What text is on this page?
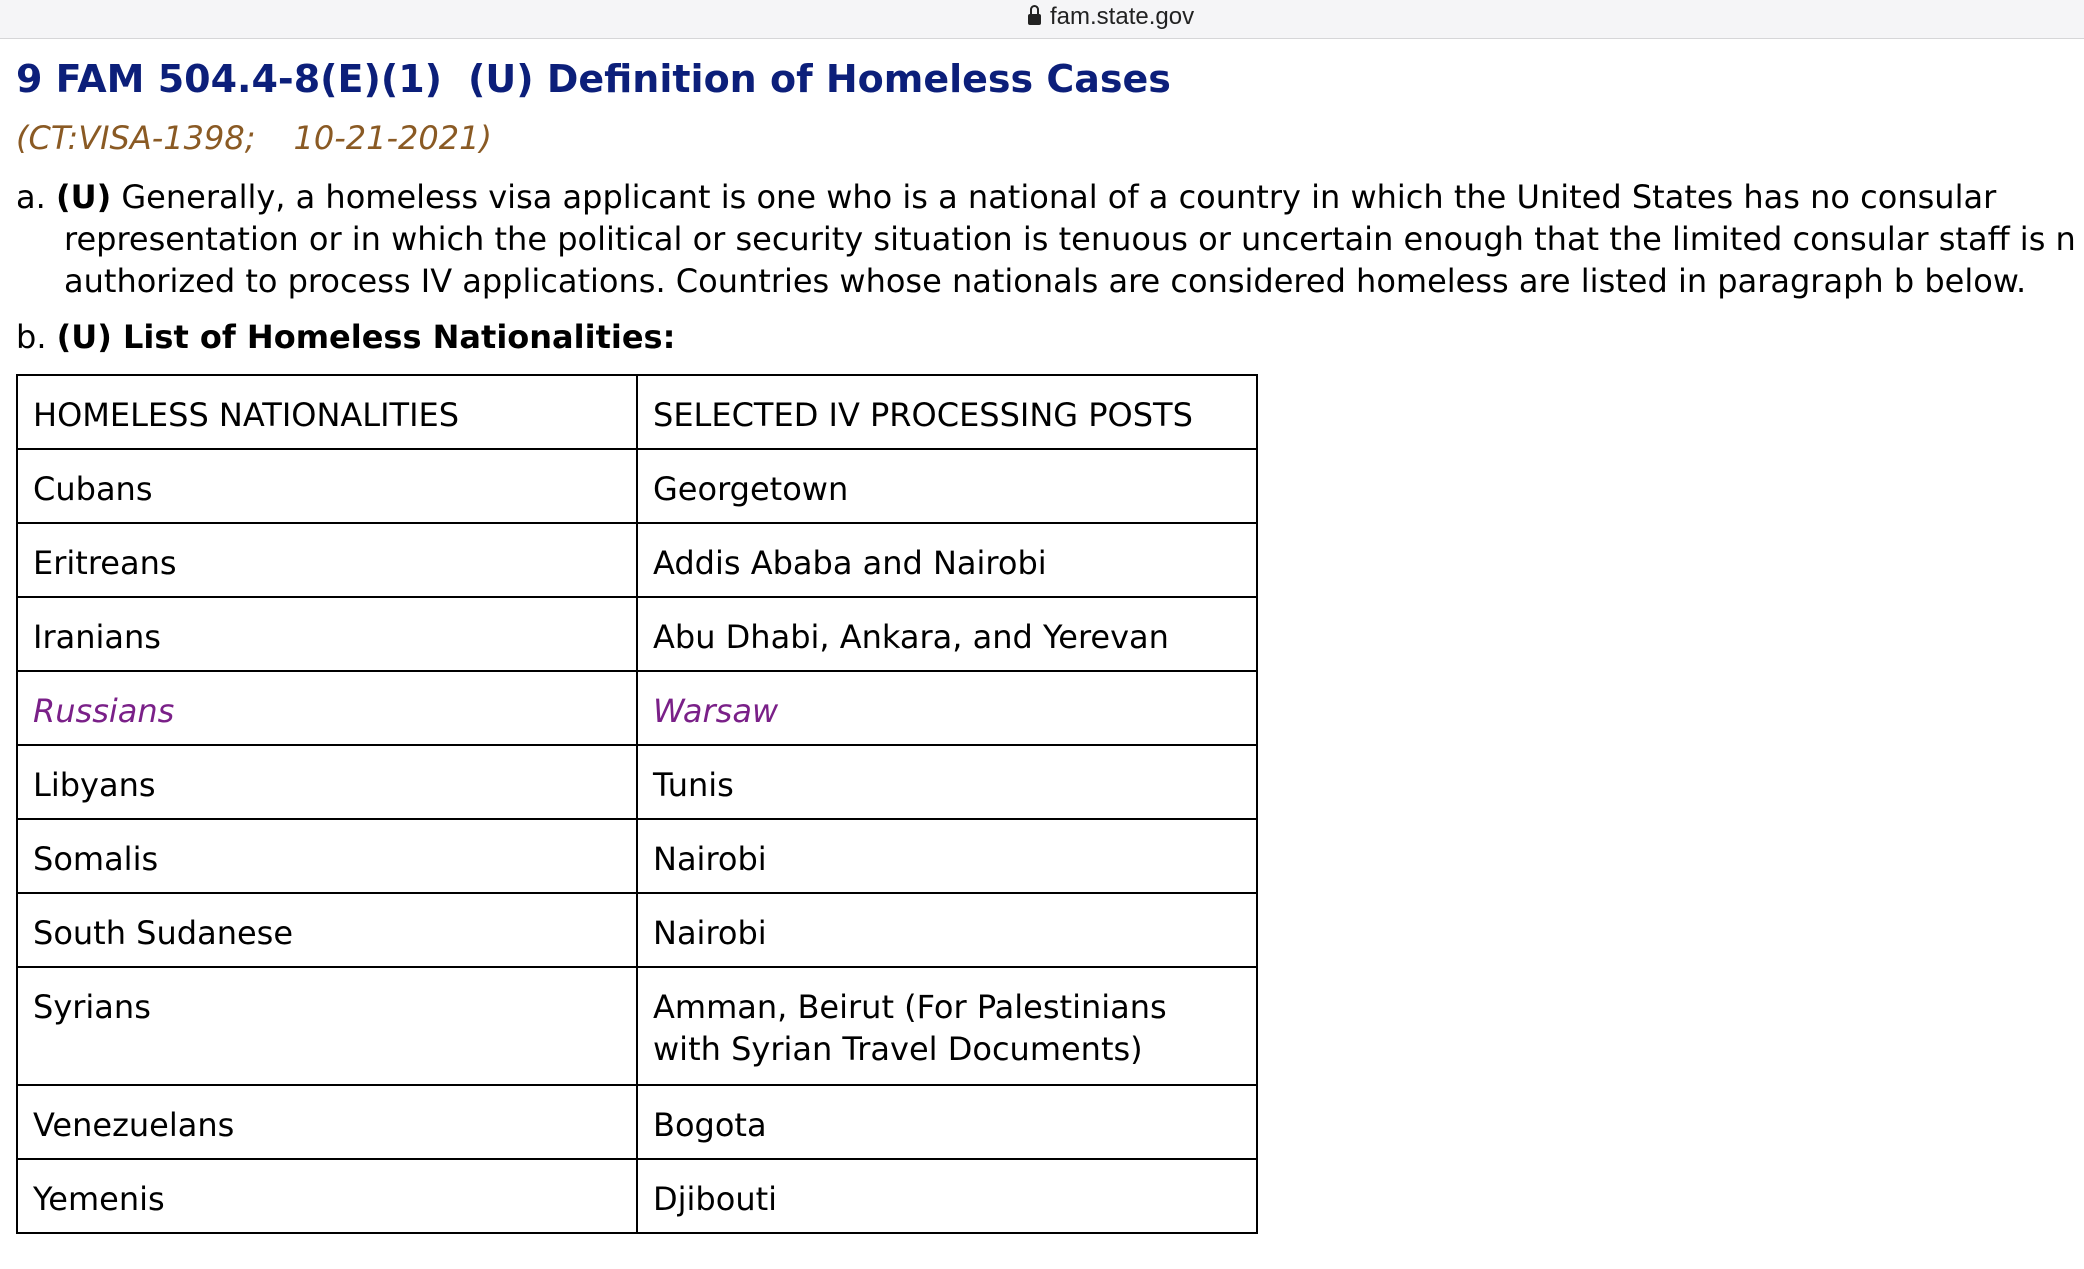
fam.state.gov
9 FAM 504.4-8(E)(1) (U) Definition of Homeless Cases
(CT:VISA-1398; 10-21-2021)
a. (U) Generally, a homeless visa applicant is one who is a national of a country in which the United States has no consular
representation or in which the political or security situation is tenuous or uncertain enough that the limited consular staff is n
authorized to process IV applications. Countries whose nationals are considered homeless are listed in paragraph b below.
b. (U) List of Homeless Nationalities:
HOMELESS NATIONALITIES	SELECTED IV PROCESSING POSTS
Cubans	Georgetown
Eritreans	Addis Ababa and Nairobi
Iranians	Abu Dhabi, Ankara, and Yerevan
Russians	Warsaw
Libyans	Tunis
Somalis	Nairobi
South Sudanese	Nairobi
Syrians	Amman, Beirut (For Palestinians
with Syrian Travel Documents)
Venezuelans	Bogota
Yemenis	Djibouti
